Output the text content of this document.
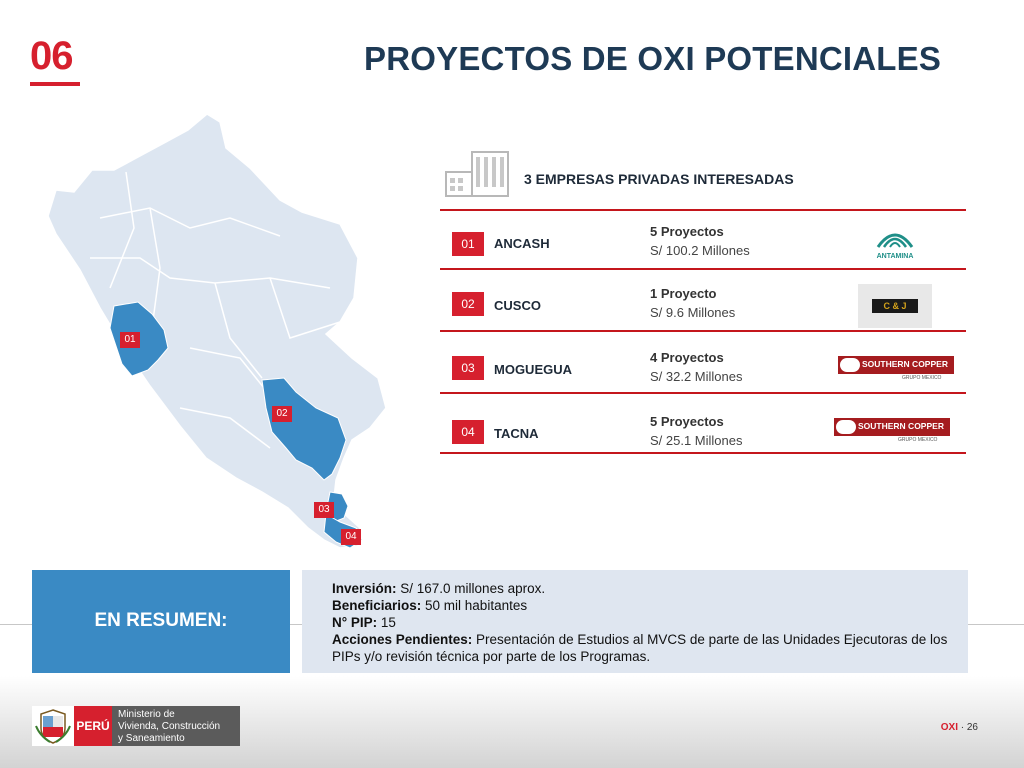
06	PROYECTOS DE OXI POTENCIALES
01
02
03
04
3 EMPRESAS PRIVADAS INTERESADAS
01	ANCASH
5 Proyectos
S/ 100.2 Millones	ANTAMINA
02	CUSCO
1 Proyecto
S/ 9.6 Millones	C & J
03	MOGUEGUA
4 Proyectos
S/ 32.2 Millones
SOUTHERN COPPER
GRUPO MEXICO
04	TACNA
5 Proyectos
S/ 25.1 Millones
SOUTHERN COPPER
GRUPO MEXICO
EN RESUMEN:
Inversión: S/ 167.0 millones aprox.
Beneficiarios: 50 mil habitantes
N° PIP: 15
Acciones Pendientes: Presentación de Estudios al MVCS de parte de las Unidades Ejecutoras de los PIPs y/o revisión técnica por parte de los Programas.
PERÚ
Ministerio de
Vivienda, Construcción
y Saneamiento
OXI · 26
